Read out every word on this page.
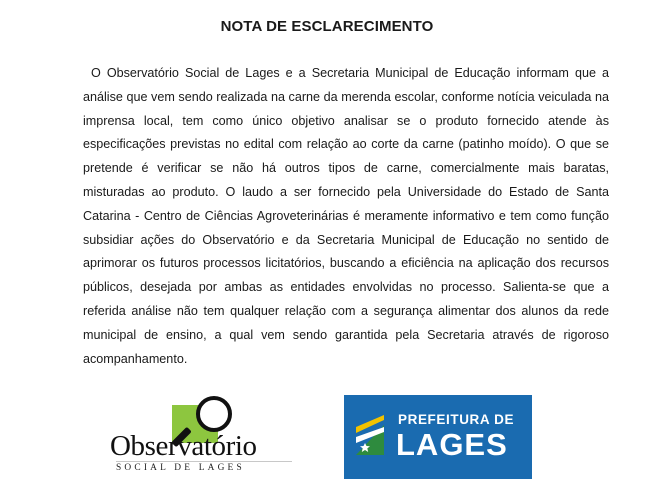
NOTA DE ESCLARECIMENTO

O Observatório Social de Lages e a Secretaria Municipal de Educação informam que a análise que vem sendo realizada na carne da merenda escolar, conforme notícia veiculada na imprensa local, tem como único objetivo analisar se o produto fornecido atende às especificações previstas no edital com relação ao corte da carne (patinho moído). O que se pretende é verificar se não há outros tipos de carne, comercialmente mais baratas, misturadas ao produto. O laudo a ser fornecido pela Universidade do Estado de Santa Catarina - Centro de Ciências Agroveterinárias é meramente informativo e tem como função subsidiar ações do Observatório e da Secretaria Municipal de Educação no sentido de aprimorar os futuros processos licitatórios, buscando a eficiência na aplicação dos recursos públicos, desejada por ambas as entidades envolvidas no processo. Salienta-se que a referida análise não tem qualquer relação com a segurança alimentar dos alunos da rede municipal de ensino, a qual vem sendo garantida pela Secretaria através de rigoroso acompanhamento.

Observatório
SOCIAL DE LAGES
PREFEITURA DE
LAGES
